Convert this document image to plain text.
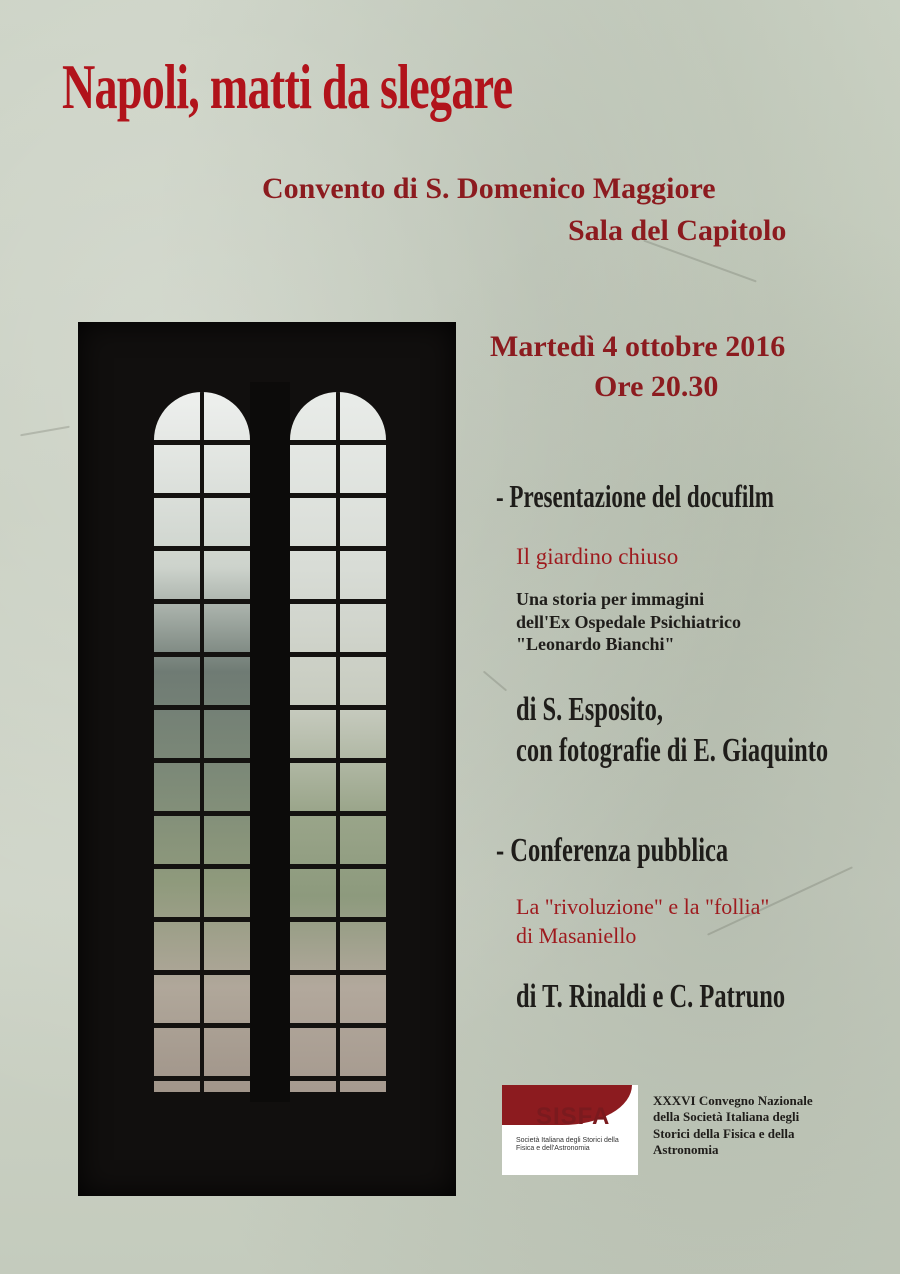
Napoli, matti da slegare
Convento di S. Domenico Maggiore
Sala del Capitolo
Martedì 4 ottobre 2016
Ore 20.30
- Presentazione del docufilm
Il giardino chiuso
Una storia per immagini
dell'Ex Ospedale Psichiatrico
"Leonardo Bianchi"
di S. Esposito,
con fotografie di E. Giaquinto
- Conferenza pubblica
La "rivoluzione" e la "follia"
di Masaniello
di T. Rinaldi e C. Patruno
SISFA
Società Italiana degli Storici della Fisica e dell'Astronomia
XXXVI Convegno Nazionale
della Società Italiana degli
Storici della Fisica e della
Astronomia
